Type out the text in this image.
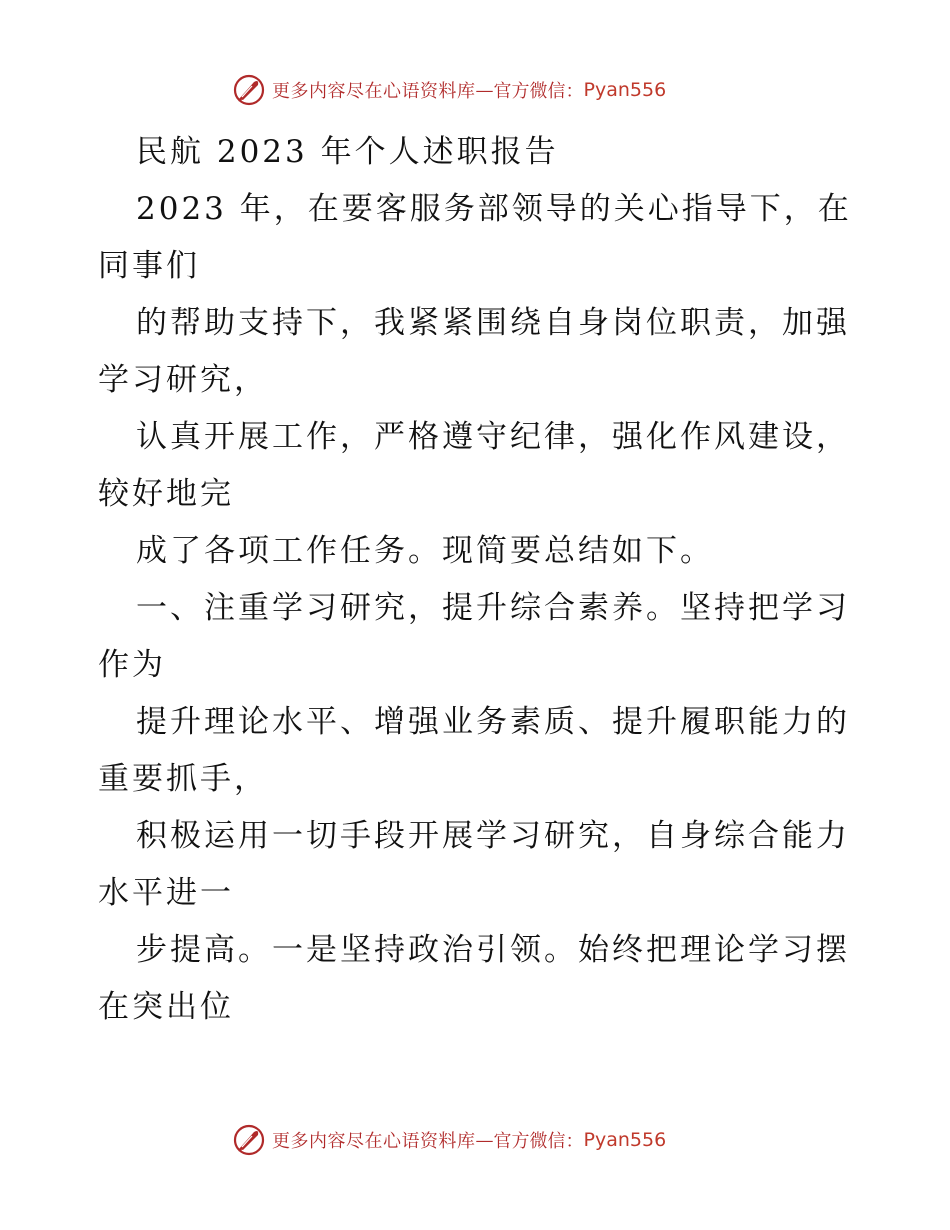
更多内容尽在心语资料库 — 官方微信： Pyan556
民航 2023 年个人述职报告
2023 年，在要客服务部领导的关心指导下，在
同事们
的帮助支持下，我紧紧围绕自身岗位职责，加强
学习研究，
认真开展工作，严格遵守纪律，强化作风建设，
较好地完
成了各项工作任务。现简要总结如下。
一、注重学习研究，提升综合素养。坚持把学习
作为
提升理论水平、增强业务素质、提升履职能力的
重要抓手，
积极运用一切手段开展学习研究，自身综合能力
水平进一
步提高。一是坚持政治引领。始终把理论学习摆
在突出位
更多内容尽在心语资料库 — 官方微信： Pyan556
